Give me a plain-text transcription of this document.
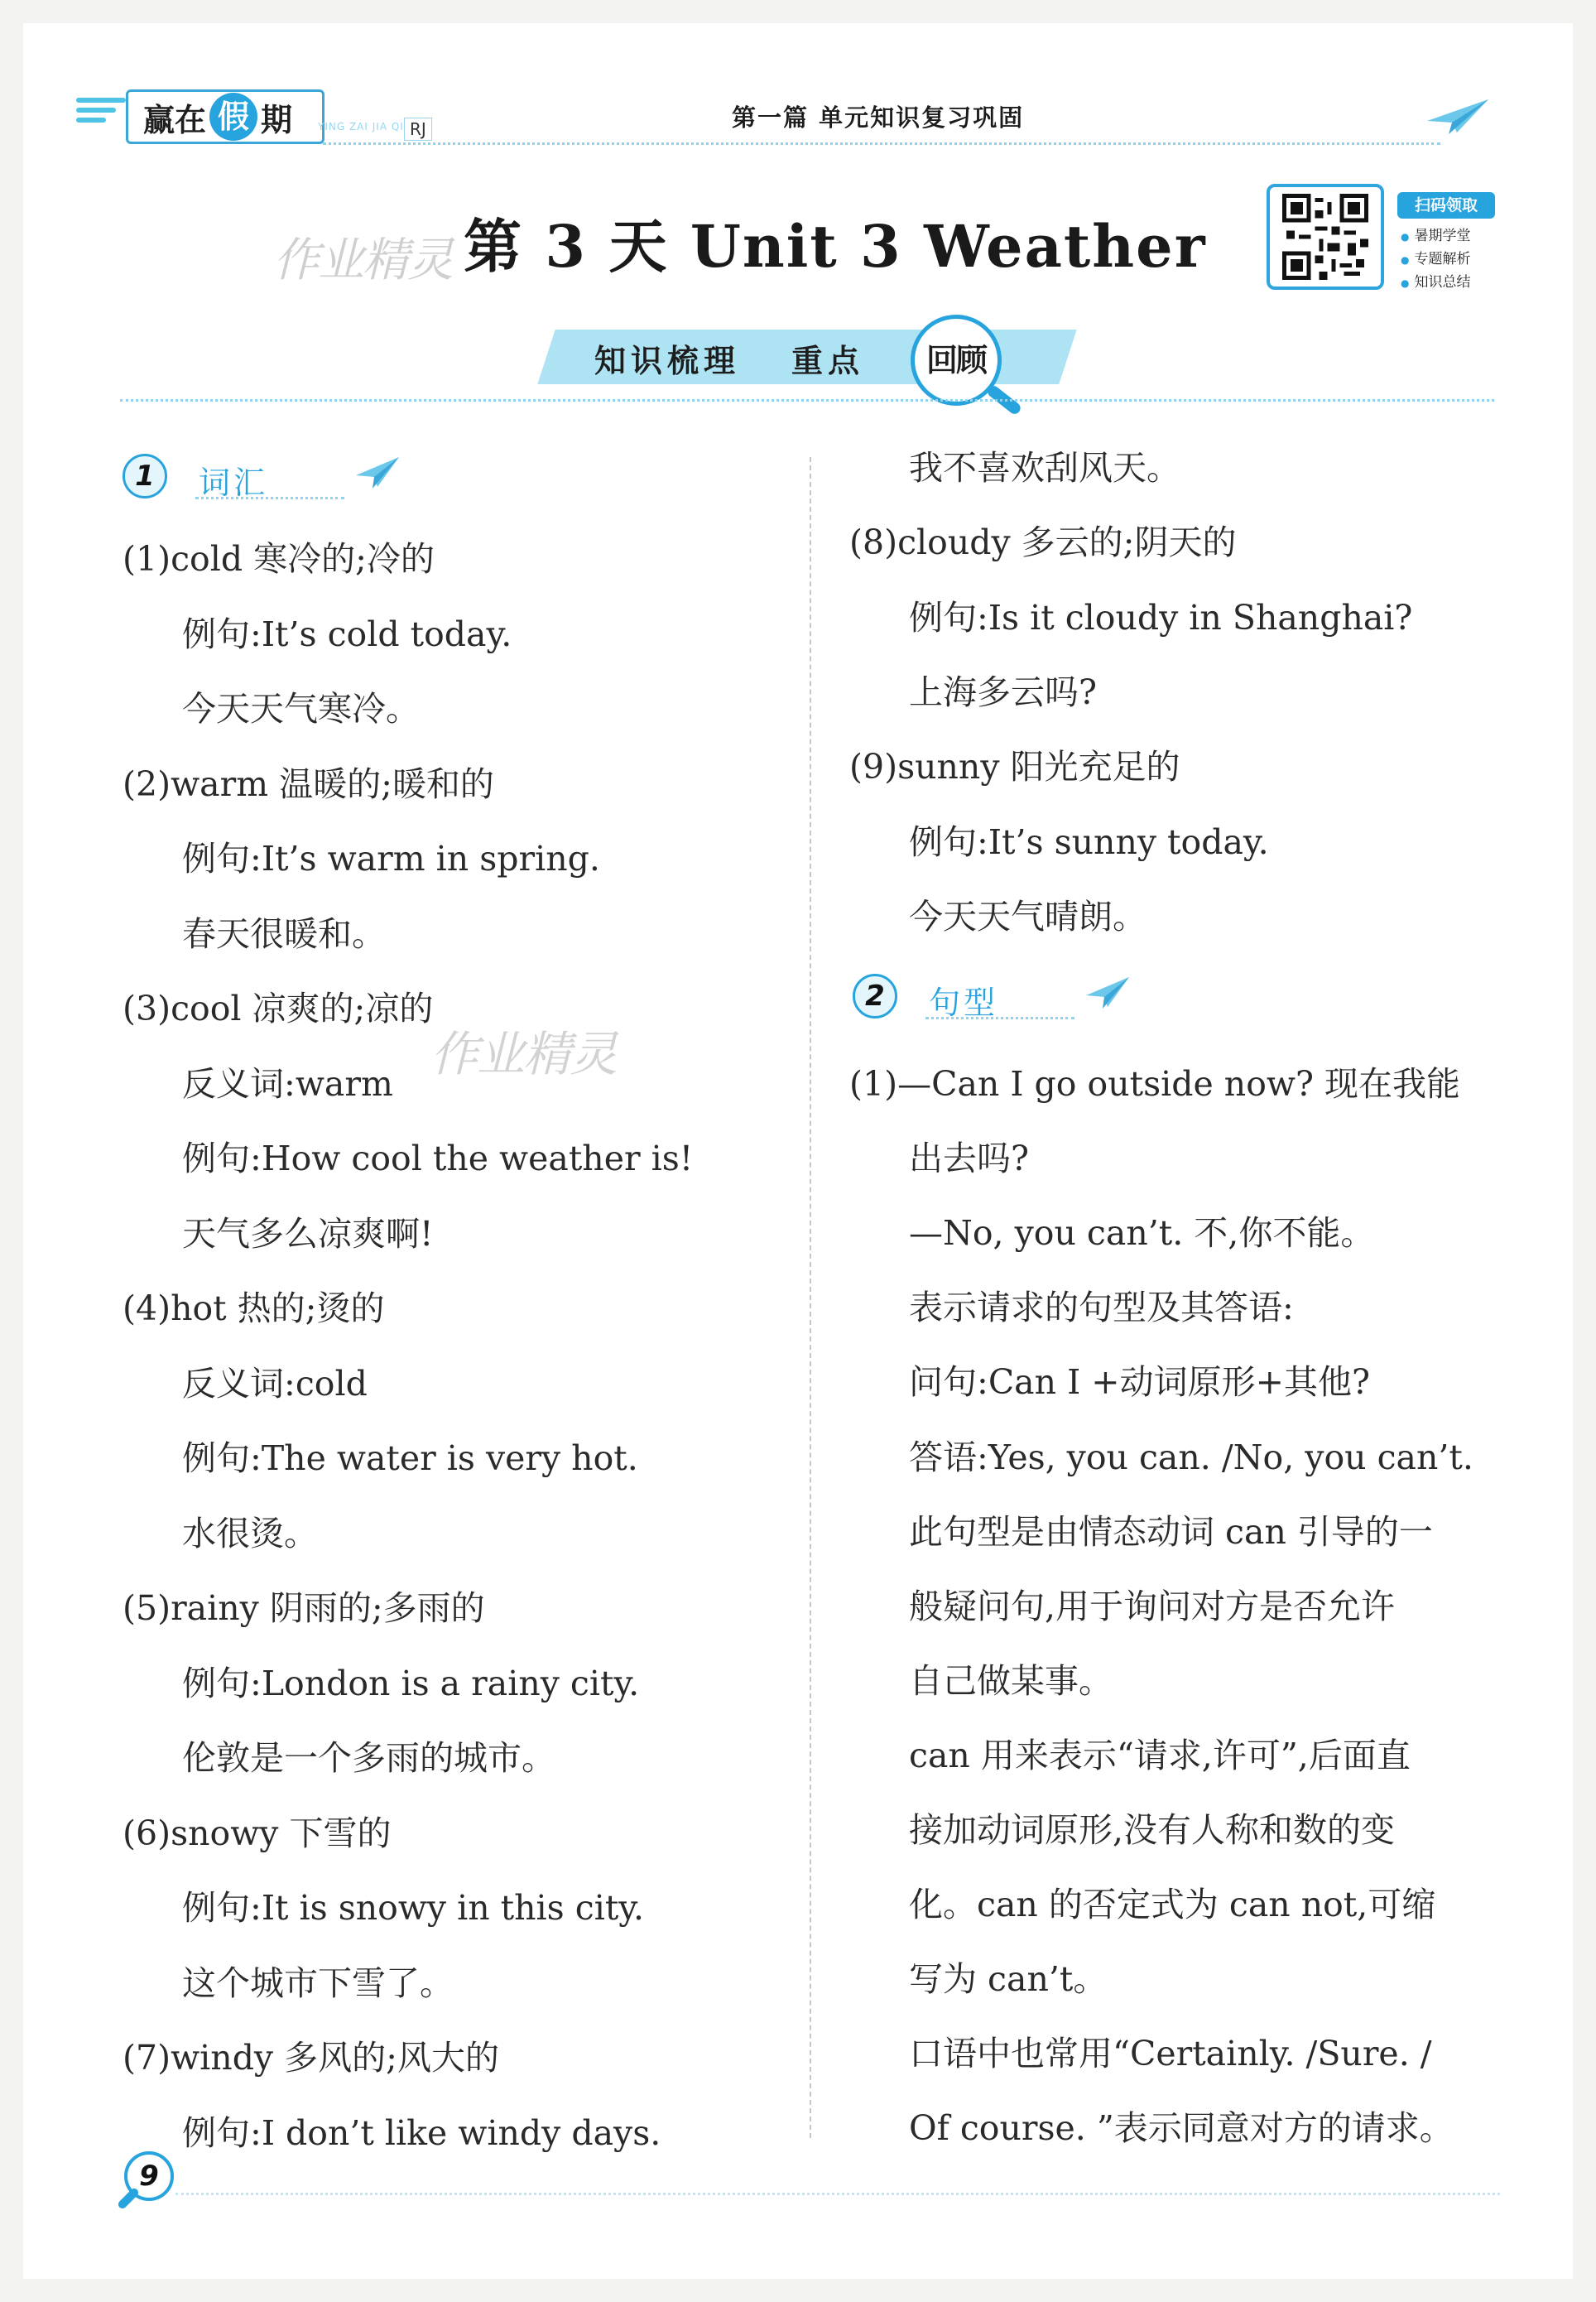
赢在 假 期	YING ZAI JIA QI RJ	第一篇 单元知识复习巩固
作业精灵 第 3 天 Unit 3 Weather
扫码领取
● 暑期学堂
● 专题解析
● 知识总结
知识梳理 重点	回顾
1	词汇
(1)cold 寒冷的;冷的
例句:It’s cold today.
今天天气寒冷。
(2)warm 温暖的;暖和的
例句:It’s warm in spring.
春天很暖和。
(3)cool 凉爽的;凉的
反义词:warm
例句:How cool the weather is!
天气多么凉爽啊!
(4)hot 热的;烫的
反义词:cold
例句:The water is very hot.
水很烫。
(5)rainy 阴雨的;多雨的
例句:London is a rainy city.
伦敦是一个多雨的城市。
(6)snowy 下雪的
例句:It is snowy in this city.
这个城市下雪了。
(7)windy 多风的;风大的
例句:I don’t like windy days.
我不喜欢刮风天。
(8)cloudy 多云的;阴天的
例句:Is it cloudy in Shanghai?
上海多云吗?
(9)sunny 阳光充足的
例句:It’s sunny today.
今天天气晴朗。
2	句型
(1)—Can I go outside now? 现在我能
出去吗?
—No, you can’t. 不,你不能。
表示请求的句型及其答语:
问句:Can I +动词原形+其他?
答语:Yes, you can. /No, you can’t.
此句型是由情态动词 can 引导的一
般疑问句,用于询问对方是否允许
自己做某事。
can 用来表示“请求,许可”,后面直
接加动词原形,没有人称和数的变
化。can 的否定式为 can not,可缩
写为 can’t。
口语中也常用“Certainly. /Sure. /
Of course. ”表示同意对方的请求。
作业精灵
9
